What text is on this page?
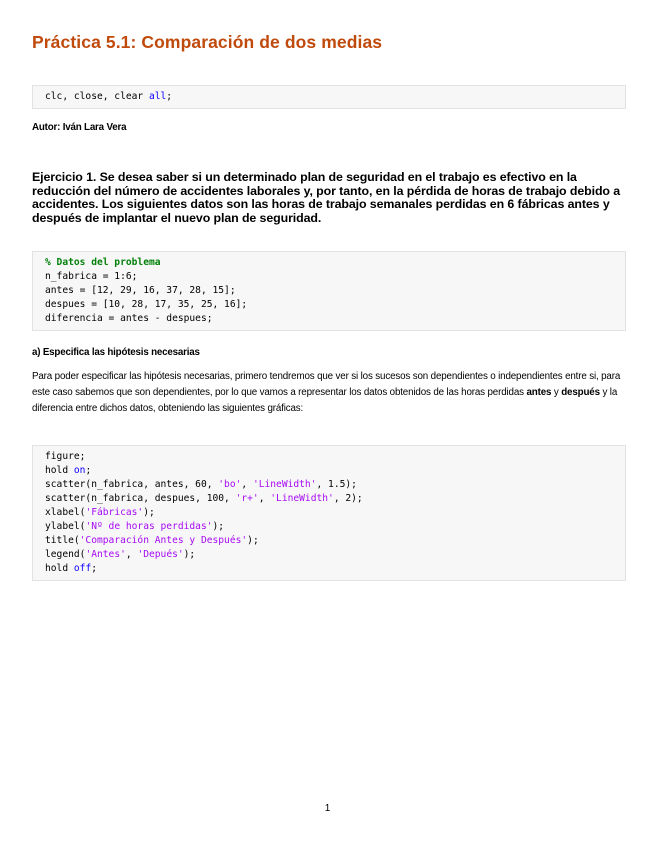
Práctica 5.1: Comparación de dos medias
clc, close, clear all;
Autor: Iván Lara Vera
Ejercicio 1. Se desea saber si un determinado plan de seguridad en el trabajo es efectivo en la reducción del número de accidentes laborales y, por tanto, en la pérdida de horas de trabajo debido a accidentes. Los siguientes datos son las horas de trabajo semanales perdidas en 6 fábricas antes y después de implantar el nuevo plan de seguridad.
% Datos del problema
n_fabrica = 1:6;
antes = [12, 29, 16, 37, 28, 15];
despues = [10, 28, 17, 35, 25, 16];
diferencia = antes - despues;
a) Especifica las hipótesis necesarias
Para poder especificar las hipótesis necesarias, primero tendremos que ver si los sucesos son dependientes o independientes entre si, para este caso sabemos que son dependientes, por lo que vamos a representar los datos obtenidos de las horas perdidas antes y después y la diferencia entre dichos datos, obteniendo las siguientes gráficas:
figure;
hold on;
scatter(n_fabrica, antes, 60, 'bo', 'LineWidth', 1.5);
scatter(n_fabrica, despues, 100, 'r+', 'LineWidth', 2);
xlabel('Fábricas');
ylabel('Nº de horas perdidas');
title('Comparación Antes y Después');
legend('Antes', 'Depués');
hold off;
1
